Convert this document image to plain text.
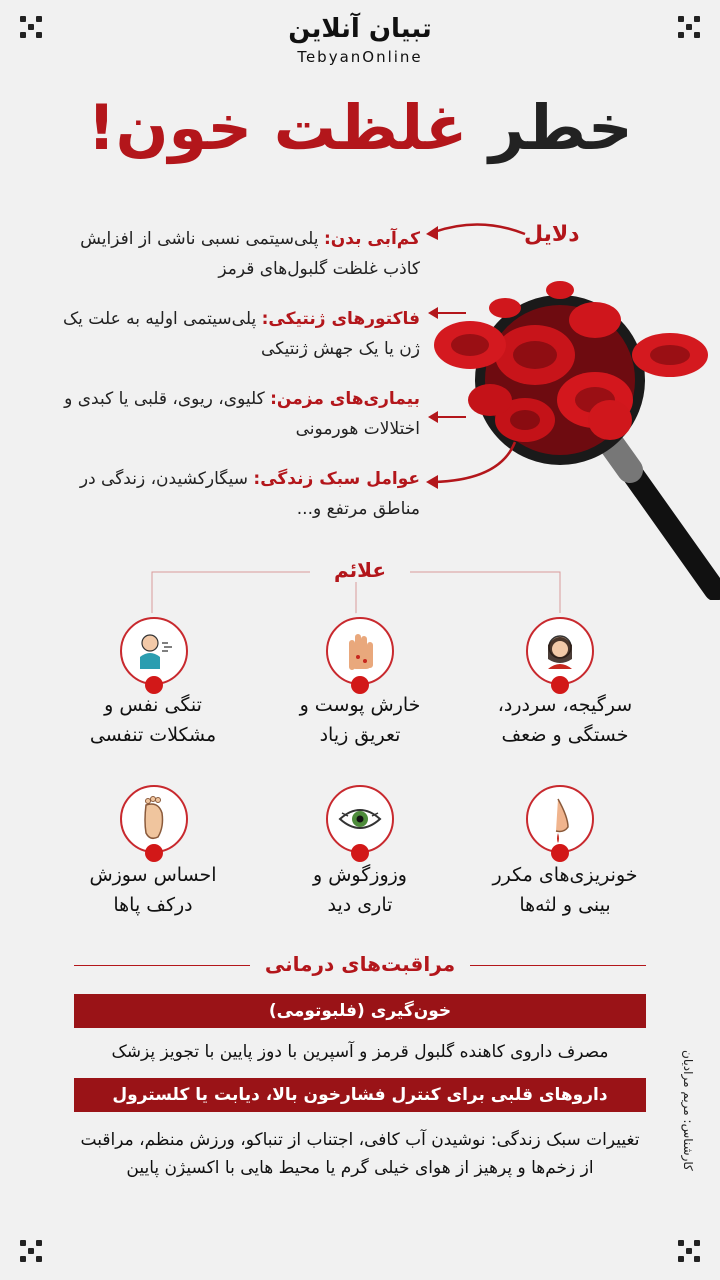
تبیان آنلاین
TebyanOnline
خطر غلظت خون!
دلایل
کم‌آبی بدن: پلی‌سیتمی نسبی ناشی از افزایش کاذب غلظت گلبول‌های قرمز
فاکتورهای ژنتیکی: پلی‌سیتمی اولیه به علت یک ژن یا یک جهش ژنتیکی
بیماری‌های مزمن: کلیوی، ریوی، قلبی یا کبدی و اختلالات هورمونی
عوامل سبک زندگی: سیگارکشیدن، زندگی در مناطق مرتفع و...
علائم
سرگیجه، سردرد،
خستگی و ضعف
خارش پوست و
تعریق زیاد
تنگی نفس و
مشکلات تنفسی
خونریزی‌های مکرر
بینی و لثه‌ها
وزوزگوش و
تاری دید
احساس سوزش
درکف پاها
مراقبت‌های درمانی
خون‌گیری (فلبوتومی)
مصرف داروی کاهنده گلبول قرمز و آسپرین با دوز پایین با تجویز پزشک
داروهای قلبی برای کنترل فشارخون بالا، دیابت یا کلسترول
تغییرات سبک زندگی: نوشیدن آب کافی، اجتناب از تنباکو، ورزش منظم، مراقبت از زخم‌ها و پرهیز از هوای خیلی گرم یا محیط هایی با اکسیژن پایین	کارشناس: مریم مرادیان
